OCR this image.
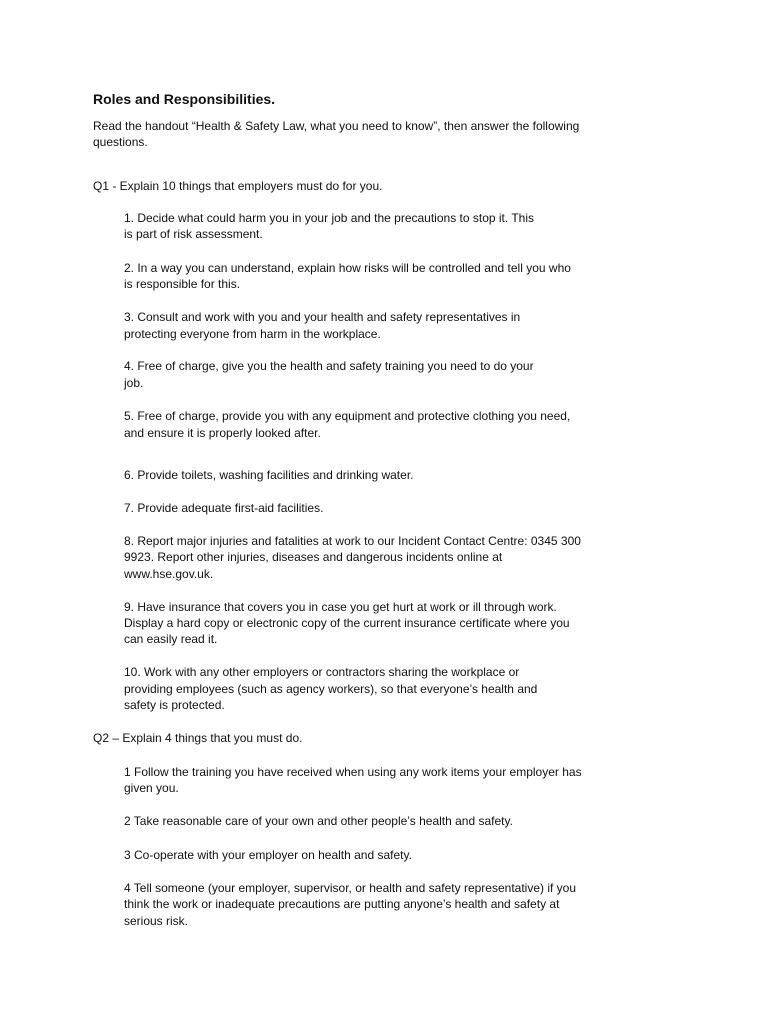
Roles and Responsibilities.
Read the handout “Health & Safety Law, what you need to know”, then answer the following
questions.
Q1 - Explain 10 things that employers must do for you.
1. Decide what could harm you in your job and the precautions to stop it. This
is part of risk assessment.
2. In a way you can understand, explain how risks will be controlled and tell you who
is responsible for this.
3. Consult and work with you and your health and safety representatives in
protecting everyone from harm in the workplace.
4. Free of charge, give you the health and safety training you need to do your
job.
5. Free of charge, provide you with any equipment and protective clothing you need,
and ensure it is properly looked after.
6. Provide toilets, washing facilities and drinking water.
7. Provide adequate first-aid facilities.
8. Report major injuries and fatalities at work to our Incident Contact Centre: 0345 300
9923. Report other injuries, diseases and dangerous incidents online at
www.hse.gov.uk.
9. Have insurance that covers you in case you get hurt at work or ill through work.
Display a hard copy or electronic copy of the current insurance certificate where you
can easily read it.
10. Work with any other employers or contractors sharing the workplace or
providing employees (such as agency workers), so that everyone’s health and
safety is protected.
Q2 – Explain 4 things that you must do.
1 Follow the training you have received when using any work items your employer has
given you.
2 Take reasonable care of your own and other people’s health and safety.
3 Co-operate with your employer on health and safety.
4 Tell someone (your employer, supervisor, or health and safety representative) if you
think the work or inadequate precautions are putting anyone’s health and safety at
serious risk.
